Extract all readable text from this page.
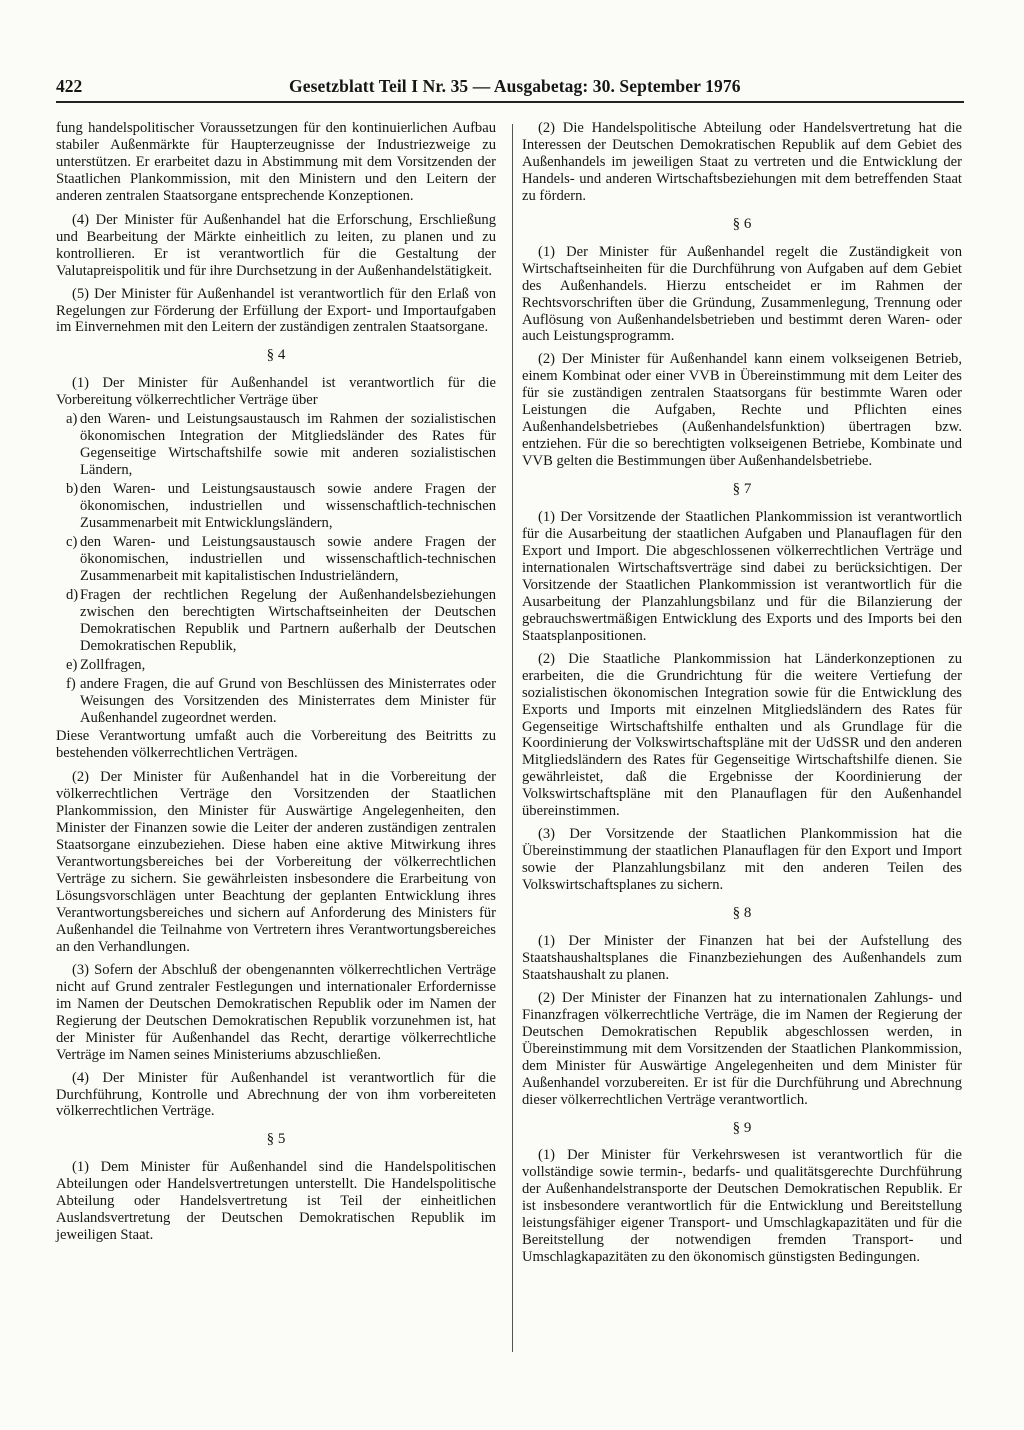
422	Gesetzblatt Teil I Nr. 35 — Ausgabetag: 30. September 1976

fung handelspolitischer Voraussetzungen für den kontinuierlichen Aufbau stabiler Außenmärkte für Haupterzeugnisse der Industriezweige zu unterstützen. Er erarbeitet dazu in Abstimmung mit dem Vorsitzenden der Staatlichen Plankommission, mit den Ministern und den Leitern der anderen zentralen Staatsorgane entsprechende Konzeptionen.

(4) Der Minister für Außenhandel hat die Erforschung, Erschließung und Bearbeitung der Märkte einheitlich zu leiten, zu planen und zu kontrollieren. Er ist verantwortlich für die Gestaltung der Valutapreispolitik und für ihre Durchsetzung in der Außenhandelstätigkeit.

(5) Der Minister für Außenhandel ist verantwortlich für den Erlaß von Regelungen zur Förderung der Erfüllung der Export- und Importaufgaben im Einvernehmen mit den Leitern der zuständigen zentralen Staatsorgane.

§ 4

(1) Der Minister für Außenhandel ist verantwortlich für die Vorbereitung völkerrechtlicher Verträge über

a) den Waren- und Leistungsaustausch im Rahmen der sozialistischen ökonomischen Integration der Mitgliedsländer des Rates für Gegenseitige Wirtschaftshilfe sowie mit anderen sozialistischen Ländern,
b) den Waren- und Leistungsaustausch sowie andere Fragen der ökonomischen, industriellen und wissenschaftlich-technischen Zusammenarbeit mit Entwicklungsländern,
c) den Waren- und Leistungsaustausch sowie andere Fragen der ökonomischen, industriellen und wissenschaftlich-technischen Zusammenarbeit mit kapitalistischen Industrieländern,
d) Fragen der rechtlichen Regelung der Außenhandelsbeziehungen zwischen den berechtigten Wirtschaftseinheiten der Deutschen Demokratischen Republik und Partnern außerhalb der Deutschen Demokratischen Republik,
e) Zollfragen,
f) andere Fragen, die auf Grund von Beschlüssen des Ministerrates oder Weisungen des Vorsitzenden des Ministerrates dem Minister für Außenhandel zugeordnet werden.

Diese Verantwortung umfaßt auch die Vorbereitung des Beitritts zu bestehenden völkerrechtlichen Verträgen.

(2) Der Minister für Außenhandel hat in die Vorbereitung der völkerrechtlichen Verträge den Vorsitzenden der Staatlichen Plankommission, den Minister für Auswärtige Angelegenheiten, den Minister der Finanzen sowie die Leiter der anderen zuständigen zentralen Staatsorgane einzubeziehen. Diese haben eine aktive Mitwirkung ihres Verantwortungsbereiches bei der Vorbereitung der völkerrechtlichen Verträge zu sichern. Sie gewährleisten insbesondere die Erarbeitung von Lösungsvorschlägen unter Beachtung der geplanten Entwicklung ihres Verantwortungsbereiches und sichern auf Anforderung des Ministers für Außenhandel die Teilnahme von Vertretern ihres Verantwortungsbereiches an den Verhandlungen.

(3) Sofern der Abschluß der obengenannten völkerrechtlichen Verträge nicht auf Grund zentraler Festlegungen und internationaler Erfordernisse im Namen der Deutschen Demokratischen Republik oder im Namen der Regierung der Deutschen Demokratischen Republik vorzunehmen ist, hat der Minister für Außenhandel das Recht, derartige völkerrechtliche Verträge im Namen seines Ministeriums abzuschließen.

(4) Der Minister für Außenhandel ist verantwortlich für die Durchführung, Kontrolle und Abrechnung der von ihm vorbereiteten völkerrechtlichen Verträge.

§ 5

(1) Dem Minister für Außenhandel sind die Handelspolitischen Abteilungen oder Handelsvertretungen unterstellt. Die Handelspolitische Abteilung oder Handelsvertretung ist Teil der einheitlichen Auslandsvertretung der Deutschen Demokratischen Republik im jeweiligen Staat.

(2) Die Handelspolitische Abteilung oder Handelsvertretung hat die Interessen der Deutschen Demokratischen Republik auf dem Gebiet des Außenhandels im jeweiligen Staat zu vertreten und die Entwicklung der Handels- und anderen Wirtschaftsbeziehungen mit dem betreffenden Staat zu fördern.

§ 6

(1) Der Minister für Außenhandel regelt die Zuständigkeit von Wirtschaftseinheiten für die Durchführung von Aufgaben auf dem Gebiet des Außenhandels. Hierzu entscheidet er im Rahmen der Rechtsvorschriften über die Gründung, Zusammenlegung, Trennung oder Auflösung von Außenhandelsbetrieben und bestimmt deren Waren- oder auch Leistungsprogramm.

(2) Der Minister für Außenhandel kann einem volkseigenen Betrieb, einem Kombinat oder einer VVB in Übereinstimmung mit dem Leiter des für sie zuständigen zentralen Staatsorgans für bestimmte Waren oder Leistungen die Aufgaben, Rechte und Pflichten eines Außenhandelsbetriebes (Außenhandelsfunktion) übertragen bzw. entziehen. Für die so berechtigten volkseigenen Betriebe, Kombinate und VVB gelten die Bestimmungen über Außenhandelsbetriebe.

§ 7

(1) Der Vorsitzende der Staatlichen Plankommission ist verantwortlich für die Ausarbeitung der staatlichen Aufgaben und Planauflagen für den Export und Import. Die abgeschlossenen völkerrechtlichen Verträge und internationalen Wirtschaftsverträge sind dabei zu berücksichtigen. Der Vorsitzende der Staatlichen Plankommission ist verantwortlich für die Ausarbeitung der Planzahlungsbilanz und für die Bilanzierung der gebrauchswertmäßigen Entwicklung des Exports und des Imports bei den Staatsplanpositionen.

(2) Die Staatliche Plankommission hat Länderkonzeptionen zu erarbeiten, die die Grundrichtung für die weitere Vertiefung der sozialistischen ökonomischen Integration sowie für die Entwicklung des Exports und Imports mit einzelnen Mitgliedsländern des Rates für Gegenseitige Wirtschaftshilfe enthalten und als Grundlage für die Koordinierung der Volkswirtschaftspläne mit der UdSSR und den anderen Mitgliedsländern des Rates für Gegenseitige Wirtschaftshilfe dienen. Sie gewährleistet, daß die Ergebnisse der Koordinierung der Volkswirtschaftspläne mit den Planauflagen für den Außenhandel übereinstimmen.

(3) Der Vorsitzende der Staatlichen Plankommission hat die Übereinstimmung der staatlichen Planauflagen für den Export und Import sowie der Planzahlungsbilanz mit den anderen Teilen des Volkswirtschaftsplanes zu sichern.

§ 8

(1) Der Minister der Finanzen hat bei der Aufstellung des Staatshaushaltsplanes die Finanzbeziehungen des Außenhandels zum Staatshaushalt zu planen.

(2) Der Minister der Finanzen hat zu internationalen Zahlungs- und Finanzfragen völkerrechtliche Verträge, die im Namen der Regierung der Deutschen Demokratischen Republik abgeschlossen werden, in Übereinstimmung mit dem Vorsitzenden der Staatlichen Plankommission, dem Minister für Auswärtige Angelegenheiten und dem Minister für Außenhandel vorzubereiten. Er ist für die Durchführung und Abrechnung dieser völkerrechtlichen Verträge verantwortlich.

§ 9

(1) Der Minister für Verkehrswesen ist verantwortlich für die vollständige sowie termin-, bedarfs- und qualitätsgerechte Durchführung der Außenhandelstransporte der Deutschen Demokratischen Republik. Er ist insbesondere verantwortlich für die Entwicklung und Bereitstellung leistungsfähiger eigener Transport- und Umschlagkapazitäten und für die Bereitstellung der notwendigen fremden Transport- und Umschlagkapazitäten zu den ökonomisch günstigsten Bedingungen.
